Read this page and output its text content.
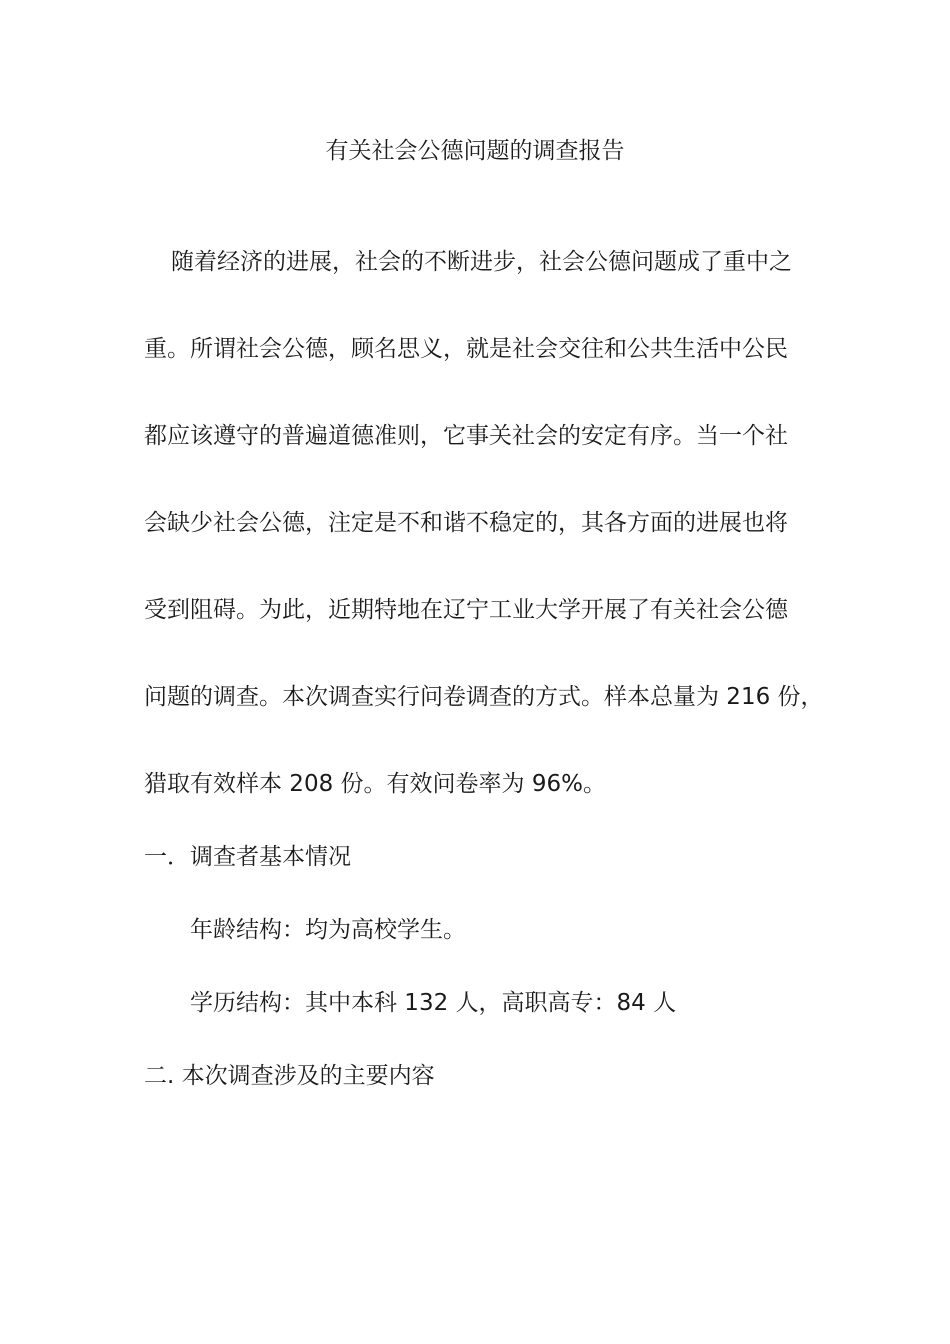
有关社会公德问题的调查报告
随着经济的进展，社会的不断进步，社会公德问题成了重中之
重。所谓社会公德，顾名思义，就是社会交往和公共生活中公民
都应该遵守的普遍道德准则，它事关社会的安定有序。当一个社
会缺少社会公德，注定是不和谐不稳定的，其各方面的进展也将
受到阻碍。为此，近期特地在辽宁工业大学开展了有关社会公德
问题的调查。本次调查实行问卷调查的方式。样本总量为 216 份，
猎取有效样本 208 份。有效问卷率为 96%。
一．调查者基本情况
年龄结构：均为高校学生。
学历结构：其中本科 132 人，高职高专：84 人
二. 本次调查涉及的主要内容
